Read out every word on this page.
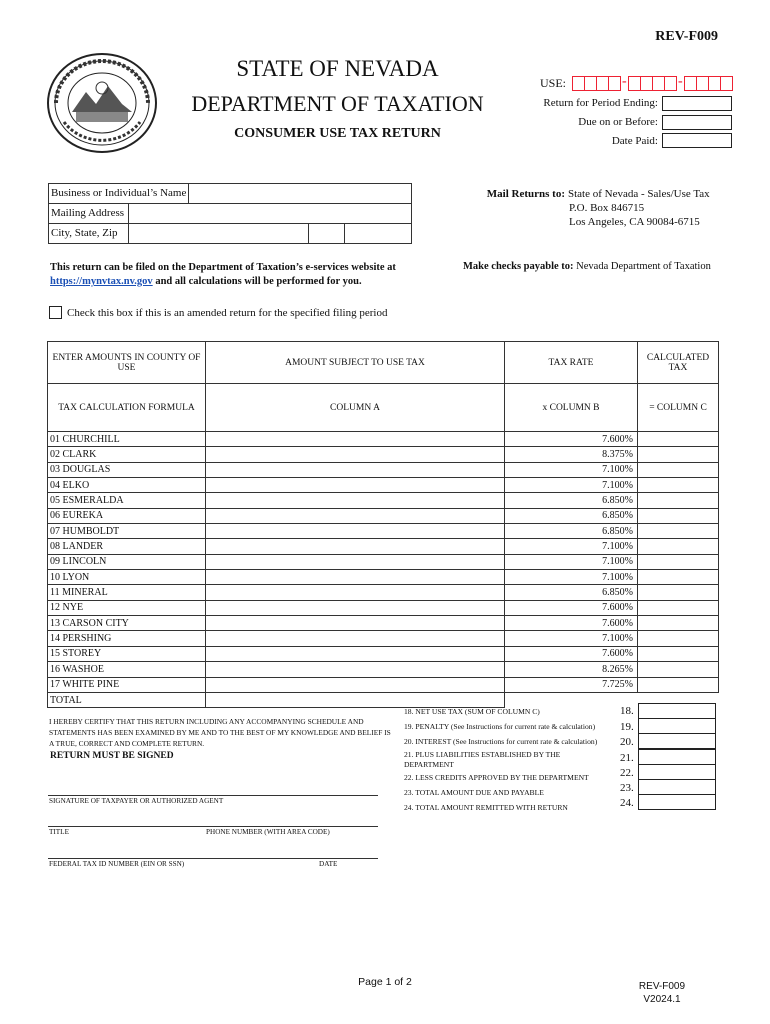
STATE OF NEVADA
DEPARTMENT OF TAXATION
CONSUMER USE TAX RETURN
REV-F009
USE:	-	-
Return for Period Ending:
Due on or Before:
Date Paid:
Business or Individual’s Name
Mailing Address
City, State, Zip
Mail Returns to: State of Nevada - Sales/Use Tax
P.O. Box 846715
Los Angeles, CA 90084-6715
This return can be filed on the Department of Taxation’s e-services website at https://mynvtax.nv.gov and all calculations will be performed for you.
Make checks payable to: Nevada Department of Taxation
Check this box if this is an amended return for the specified filing period
ENTER AMOUNTS IN COUNTY OF USE	AMOUNT SUBJECT TO USE TAX	TAX RATE	CALCULATED TAX
TAX CALCULATION FORMULA	COLUMN A	x COLUMN B	= COLUMN C
01 CHURCHILL		7.600%	
02 CLARK		8.375%	
03 DOUGLAS		7.100%	
04 ELKO		7.100%	
05 ESMERALDA		6.850%	
06 EUREKA		6.850%	
07 HUMBOLDT		6.850%	
08 LANDER		7.100%	
09 LINCOLN		7.100%	
10 LYON		7.100%	
11 MINERAL		6.850%	
12 NYE		7.600%	
13 CARSON CITY		7.600%	
14 PERSHING		7.100%	
15 STOREY		7.600%	
16 WASHOE		8.265%	
17 WHITE PINE		7.725%	
TOTAL			
I HEREBY CERTIFY THAT THIS RETURN INCLUDING ANY ACCOMPANYING SCHEDULE AND STATEMENTS HAS BEEN EXAMINED BY ME AND TO THE BEST OF MY KNOWLEDGE AND BELIEF IS A TRUE, CORRECT AND COMPLETE RETURN.
RETURN MUST BE SIGNED
SIGNATURE OF TAXPAYER OR AUTHORIZED AGENT
TITLE	PHONE NUMBER (WITH AREA CODE)
FEDERAL TAX ID NUMBER (EIN OR SSN)	DATE
18. NET USE TAX (SUM OF COLUMN C)	18.
19. PENALTY (See Instructions for current rate & calculation)	19.
20. INTEREST (See Instructions for current rate & calculation)	20.
21. PLUS LIABILITIES ESTABLISHED BY THE DEPARTMENT
21.
22. LESS CREDITS APPROVED BY THE DEPARTMENT	22.
23. TOTAL AMOUNT DUE AND PAYABLE	23.
24. TOTAL AMOUNT REMITTED WITH RETURN	24.
Page 1 of 2	REV-F009
V2024.1
